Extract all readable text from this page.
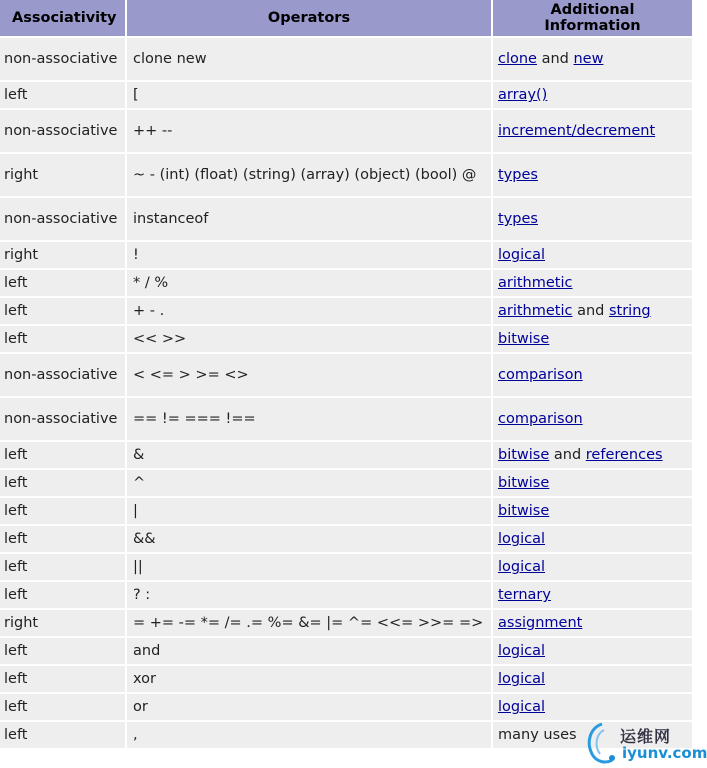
Associativity	Operators	Additional
Information
non-associative	clone new	clone and new
left	[	array()
non-associative	++ --	increment/decrement
right	~ - (int) (float) (string) (array) (object) (bool) @	types
non-associative	instanceof	types
right	!	logical
left	* / %	arithmetic
left	+ - .	arithmetic and string
left	<< >>	bitwise
non-associative	< <= > >= <>	comparison
non-associative	== != === !==	comparison
left	&	bitwise and references
left	^	bitwise
left	|	bitwise
left	&&	logical
left	||	logical
left	? :	ternary
right	= += -= *= /= .= %= &= |= ^= <<= >>= =>	assignment
left	and	logical
left	xor	logical
left	or	logical
left	,	many uses	运维网
iyunv.com
